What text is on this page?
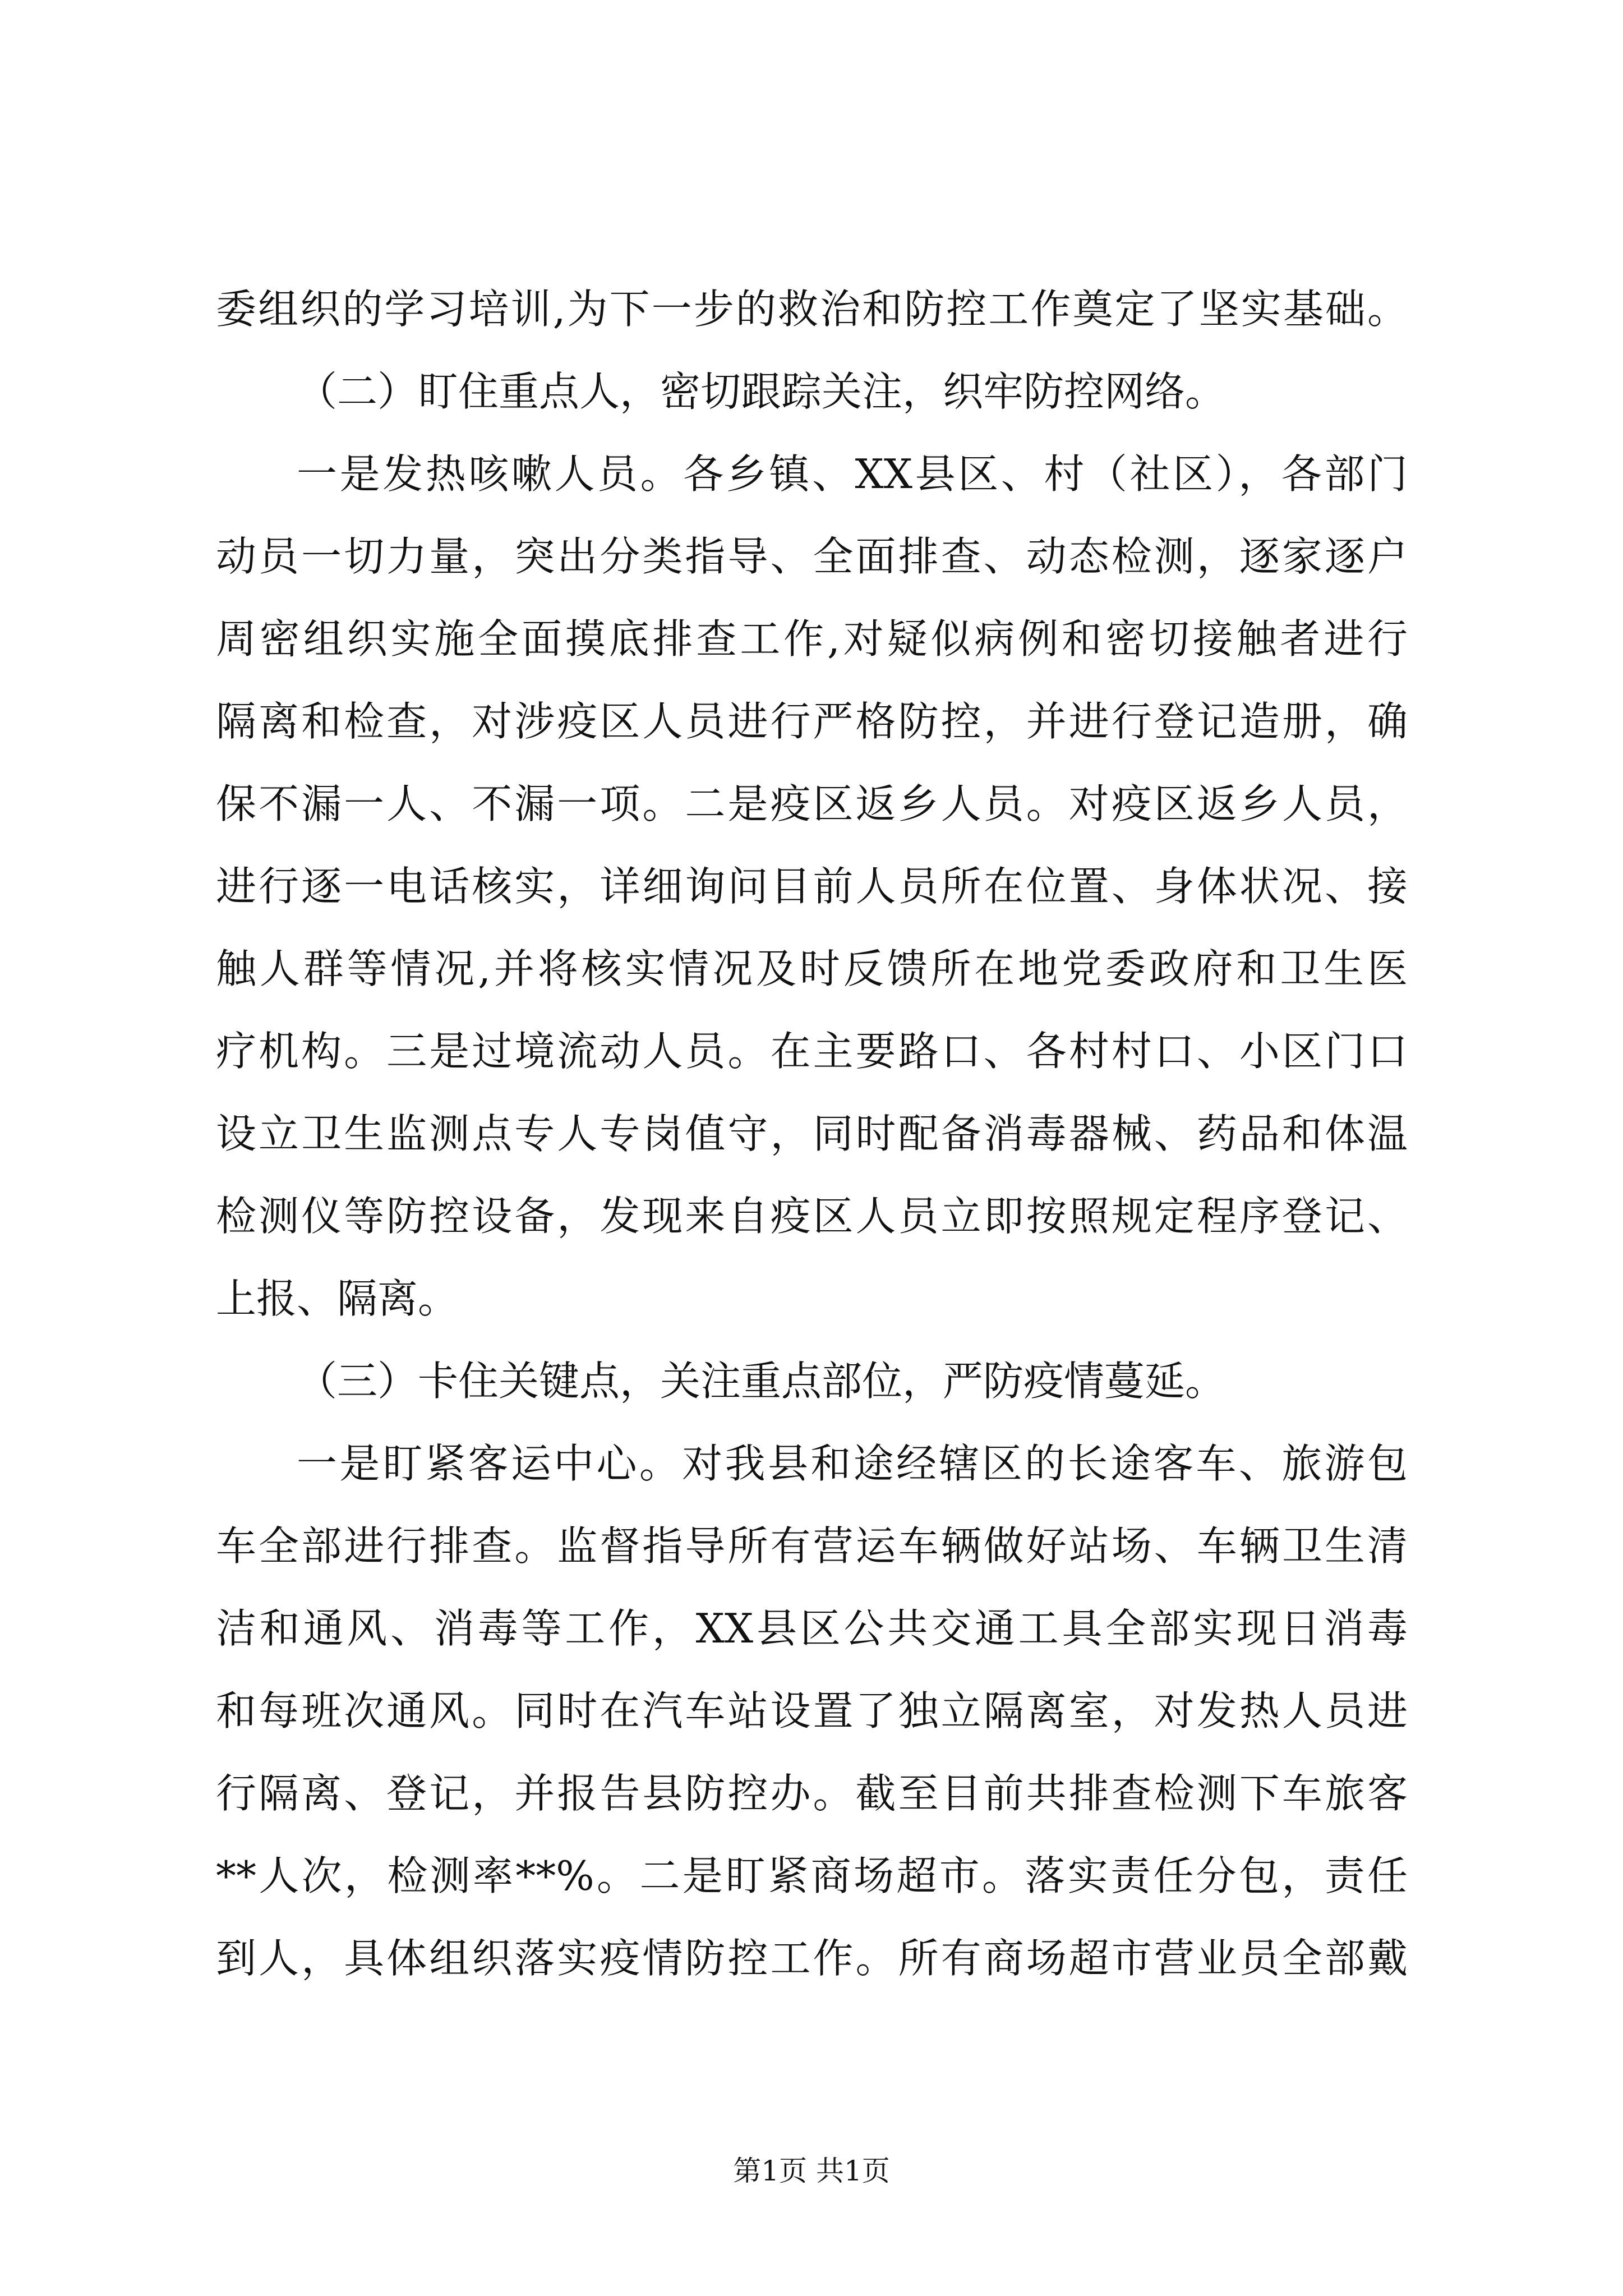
委组织的学习培训,为下一步的救治和防控工作奠定了坚实基础。
（二）盯住重点人，密切跟踪关注，织牢防控网络。
一是发热咳嗽人员。各乡镇、XX县区、村（社区），各部门
动员一切力量，突出分类指导、全面排查、动态检测，逐家逐户
周密组织实施全面摸底排查工作,对疑似病例和密切接触者进行
隔离和检查，对涉疫区人员进行严格防控，并进行登记造册，确
保不漏一人、不漏一项。二是疫区返乡人员。对疫区返乡人员，
进行逐一电话核实，详细询问目前人员所在位置、身体状况、接
触人群等情况,并将核实情况及时反馈所在地党委政府和卫生医
疗机构。三是过境流动人员。在主要路口、各村村口、小区门口
设立卫生监测点专人专岗值守，同时配备消毒器械、药品和体温
检测仪等防控设备，发现来自疫区人员立即按照规定程序登记、
上报、隔离。
（三）卡住关键点，关注重点部位，严防疫情蔓延。
一是盯紧客运中心。对我县和途经辖区的长途客车、旅游包
车全部进行排查。监督指导所有营运车辆做好站场、车辆卫生清
洁和通风、消毒等工作，XX县区公共交通工具全部实现日消毒
和每班次通风。同时在汽车站设置了独立隔离室，对发热人员进
行隔离、登记，并报告县防控办。截至目前共排查检测下车旅客
**人次，检测率**%。二是盯紧商场超市。落实责任分包，责任
到人，具体组织落实疫情防控工作。所有商场超市营业员全部戴
第1页 共1页
